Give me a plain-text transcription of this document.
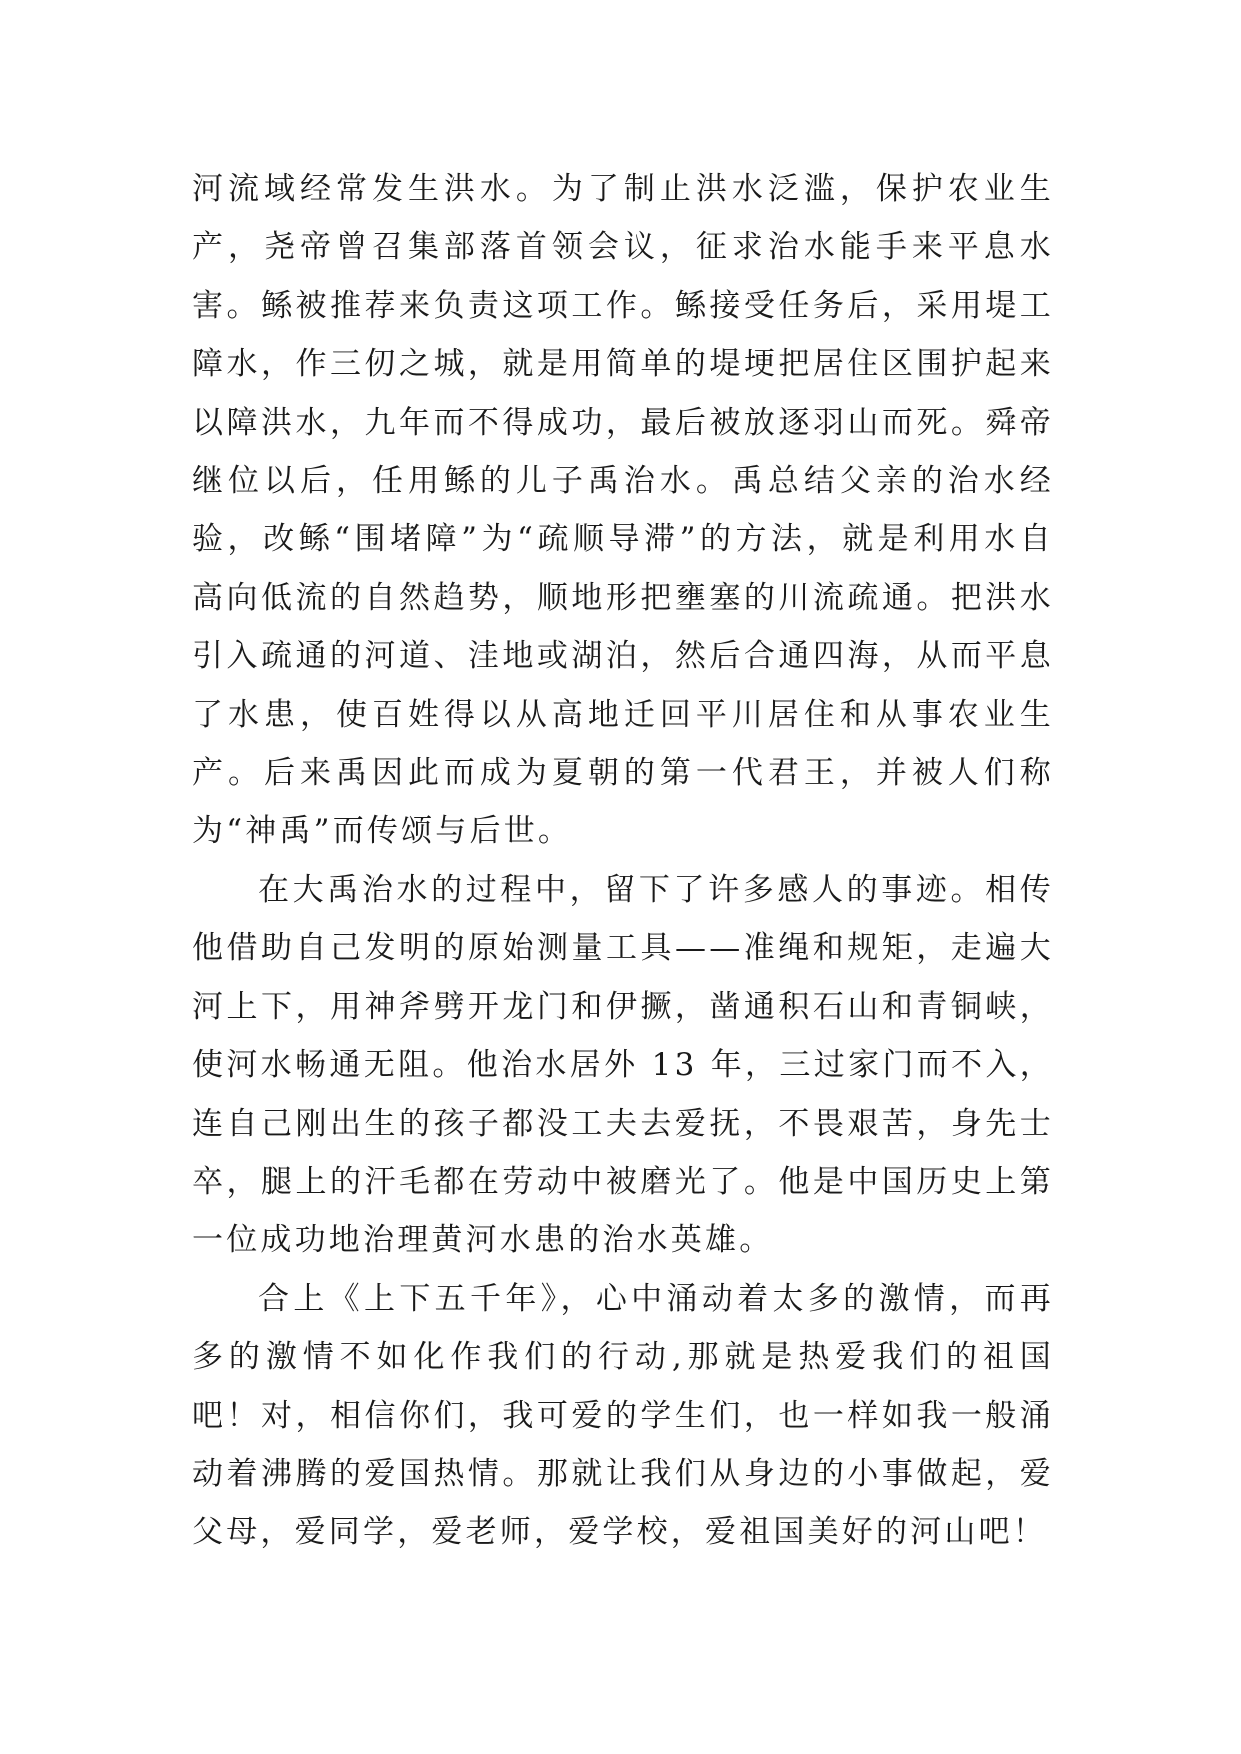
河流域经常发生洪水。为了制止洪水泛滥，保护农业生产，尧帝曾召集部落首领会议，征求治水能手来平息水害。鲧被推荐来负责这项工作。鲧接受任务后，采用堤工障水，作三仞之城，就是用简单的堤埂把居住区围护起来以障洪水，九年而不得成功，最后被放逐羽山而死。舜帝继位以后，任用鲧的儿子禹治水。禹总结父亲的治水经验，改鲧“围堵障”为“疏顺导滞”的方法，就是利用水自高向低流的自然趋势，顺地形把壅塞的川流疏通。把洪水引入疏通的河道、洼地或湖泊，然后合通四海，从而平息了水患，使百姓得以从高地迁回平川居住和从事农业生产。后来禹因此而成为夏朝的第一代君王，并被人们称为“神禹”而传颂与后世。

在大禹治水的过程中，留下了许多感人的事迹。相传他借助自己发明的原始测量工具——准绳和规矩，走遍大河上下，用神斧劈开龙门和伊撅，凿通积石山和青铜峡，使河水畅通无阻。他治水居外 13 年，三过家门而不入，连自己刚出生的孩子都没工夫去爱抚，不畏艰苦，身先士卒，腿上的汗毛都在劳动中被磨光了。他是中国历史上第一位成功地治理黄河水患的治水英雄。

合上《上下五千年》，心中涌动着太多的激情，而再多的激情不如化作我们的行动,那就是热爱我们的祖国吧！对，相信你们，我可爱的学生们，也一样如我一般涌动着沸腾的爱国热情。那就让我们从身边的小事做起，爱父母，爱同学，爱老师，爱学校，爱祖国美好的河山吧！
